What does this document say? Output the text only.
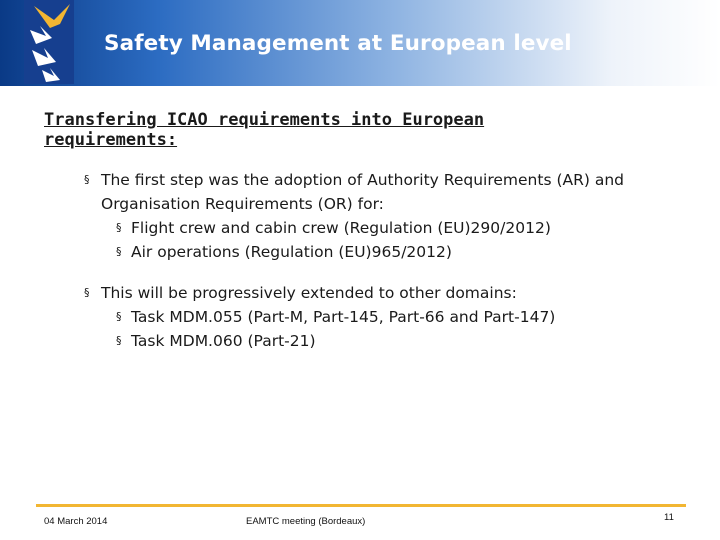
Safety Management at European level
Transfering ICAO requirements into European requirements:
§ The first step was the adoption of Authority Requirements (AR) and Organisation Requirements (OR) for:
§ Flight crew and cabin crew (Regulation (EU)290/2012)
§ Air operations (Regulation (EU)965/2012)
§ This will be progressively extended to other domains:
§ Task MDM.055 (Part-M, Part-145, Part-66 and Part-147)
§ Task MDM.060 (Part-21)
04 March 2014	EAMTC meeting (Bordeaux)	11
